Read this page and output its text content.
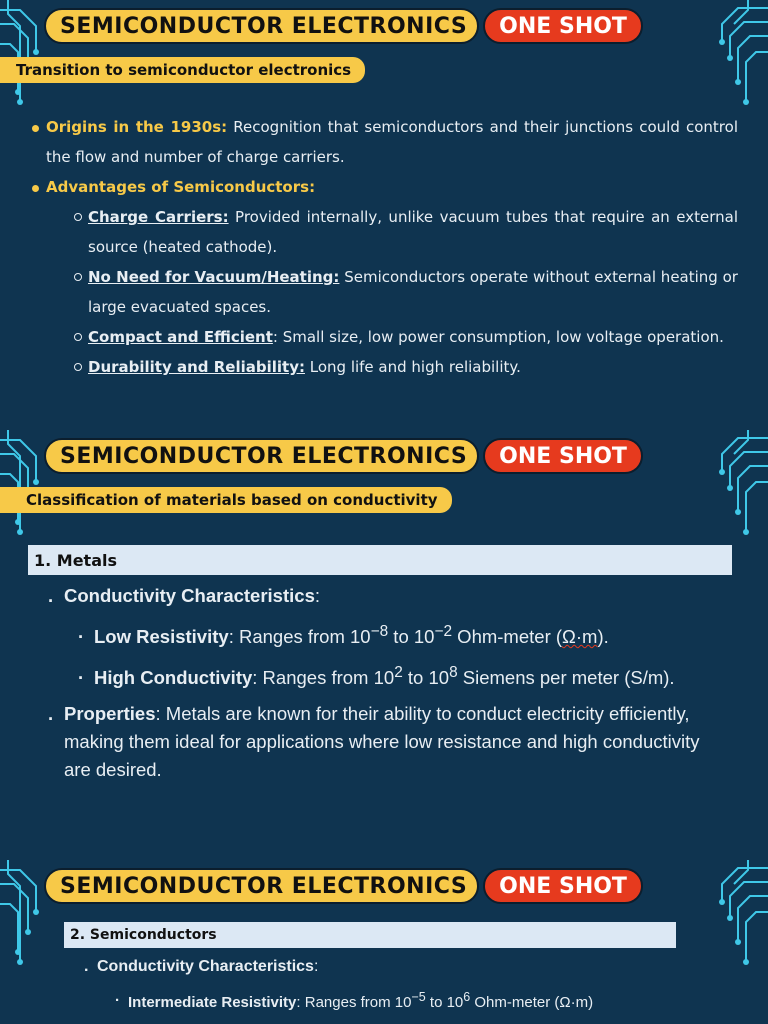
SEMICONDUCTOR ELECTRONICS	ONE SHOT
Transition to semiconductor electronics
Origins in the 1930s: Recognition that semiconductors and their junctions could control the flow and number of charge carriers.
Advantages of Semiconductors:
Charge Carriers: Provided internally, unlike vacuum tubes that require an external source (heated cathode).
No Need for Vacuum/Heating: Semiconductors operate without external heating or large evacuated spaces.
Compact and Efficient: Small size, low power consumption, low voltage operation.
Durability and Reliability: Long life and high reliability.
SEMICONDUCTOR ELECTRONICS	ONE SHOT
Classification of materials based on conductivity
1. Metals
. Conductivity Characteristics:
. Low Resistivity: Ranges from $10^{-8}$ to $10^{-2}$ Ohm-meter (Ω·m).
. High Conductivity: Ranges from $10^2$ to $10^8$ Siemens per meter (S/m).
. Properties: Metals are known for their ability to conduct electricity efficiently, making them ideal for applications where low resistance and high conductivity are desired.
SEMICONDUCTOR ELECTRONICS	ONE SHOT
2. Semiconductors
. Conductivity Characteristics:
. Intermediate Resistivity: Ranges from $10^{-5}$ to $10^6$ Ohm-meter (Ω·m)
